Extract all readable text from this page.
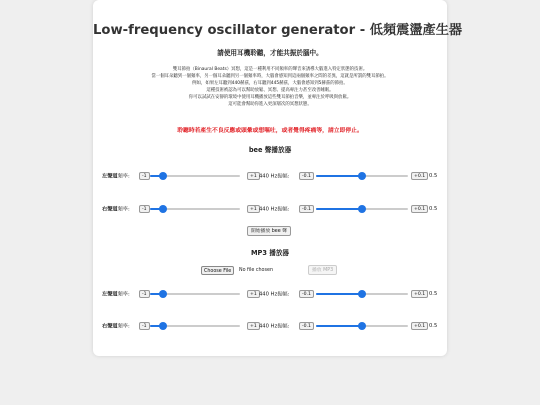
Low-frequency oscillator generator - 低頻震盪產生器
請使用耳機聆聽，才能共振於腦中。
雙耳節拍（Binaural Beats）冥想，這是一種利用不同頻率的聲音來誘導大腦進入特定狀態的技術。
當一個耳朵聽到一個頻率，另一個耳朵聽到另一個頻率時，大腦會感知到這兩個頻率之間的差異，這就是所謂的雙耳節拍。
例如，如果左耳聽到440赫茲，右耳聽到445赫茲，大腦會感知到5赫茲的節拍。
這種技術被認為可以幫助放鬆、冥想、提高專注力甚至改善睡眠。
你可以試試在安靜的環境中使用耳機播放這些雙耳節拍音樂，並專注於呼吸與放鬆。
這可能會幫助你進入更深層次的冥想狀態。
聆聽時若產生不良反應或頭暈或想嘔吐，或者覺得疼痛等，請立即停止。
bee 聲播放器
左聲道頻率:	-1	+1 440 Hz振幅:	-0.1	+0.1 0.5
右聲道頻率:	-1	+1 440 Hz振幅:	-0.1	+0.1 0.5
開始播放 bee 聲
MP3 播放器
Choose File	No file chosen	播放 MP3
左聲道頻率:	-1	+1 440 Hz振幅:	-0.1	+0.1 0.5
右聲道頻率:	-1	+1 440 Hz振幅:	-0.1	+0.1 0.5
